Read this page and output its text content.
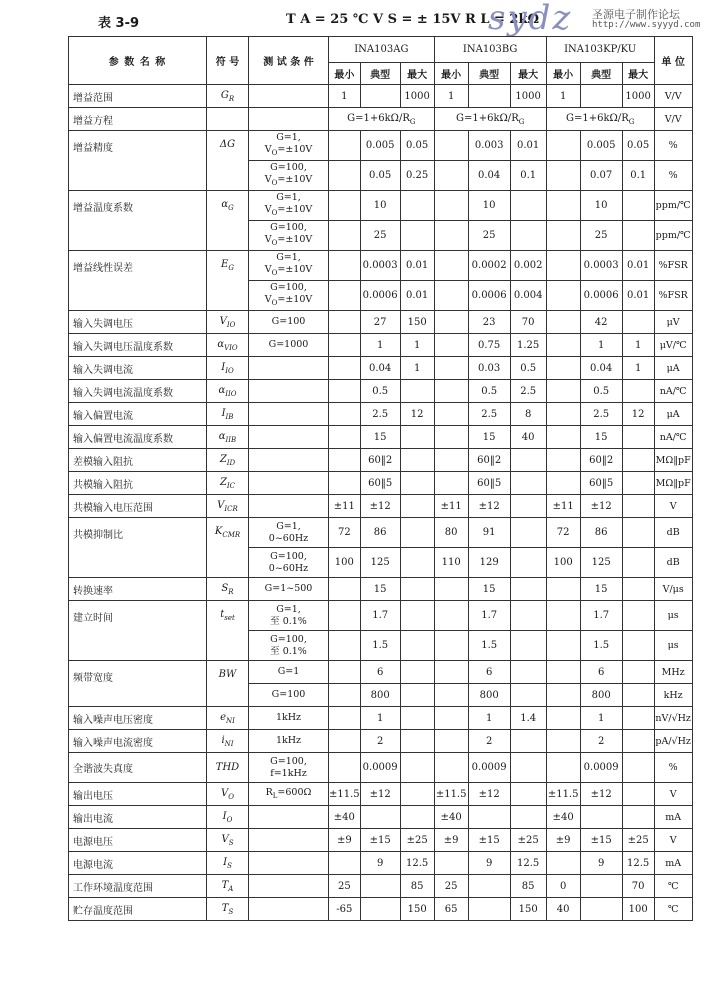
表 3-9	T A = 25 ℃ V S = ± 15V R L = 2kΩ
sydz 圣源电子制作论坛
http://www.syyyd.com
参 数 名 称	符 号	测 试 条 件	INA103AG			INA103BG			INA103KP/KU			单 位
			最小	典型	最大	最小	典型	最大	最小	典型	最大	
增益范围	$G_R$		1		1000	1		1000	1		1000	V/V
增益方程			$G=1+6k\Omega/R_G$			$G=1+6k\Omega/R_G$			$G=1+6k\Omega/R_G$			V/V
增益精度	ΔG	G=1,
$V_O=\pm 10V$		0.005	0.05		0.003	0.01		0.005	0.05	%
		G=100,
$V_O=\pm 10V$		0.05	0.25		0.04	0.1		0.07	0.1	%
增益温度系数	$\alpha_G$	G=1,
$V_O=\pm 10V$		10			10			10		ppm/℃
		G=100,
$V_O=\pm 10V$		25			25			25		ppm/℃
增益线性误差	$E_G$	G=1,
$V_O=\pm 10V$		0.0003	0.01		0.0002	0.002		0.0003	0.01	%FSR
		G=100,
$V_O=\pm 10V$		0.0006	0.01		0.0006	0.004		0.0006	0.01	%FSR
输入失调电压	$V_{IO}$	G=100		27	150		23	70		42		μV
输入失调电压温度系数	$\alpha_{VIO}$	G=1000		1	1		0.75	1.25		1	1	μV/℃
输入失调电流	$I_{IO}$			0.04	1		0.03	0.5		0.04	1	μA
输入失调电流温度系数	$\alpha_{IIO}$			0.5			0.5	2.5		0.5		nA/℃
输入偏置电流	$I_{IB}$			2.5	12		2.5	8		2.5	12	μA
输入偏置电流温度系数	$\alpha_{IIB}$			15			15	40		15		nA/℃
差模输入阻抗	$Z_{ID}$			60‖2			60‖2			60‖2		MΩ‖pF
共模输入阻抗	$Z_{IC}$			60‖5			60‖5			60‖5		MΩ‖pF
共模输入电压范围	$V_{ICR}$		±11	±12		±11	±12		±11	±12		V
共模抑制比	$K_{CMR}$	G=1,
0~60Hz	72	86		80	91		72	86		dB
		G=100,
0~60Hz	100	125		110	129		100	125		dB
转换速率	$S_R$	G=1~500		15			15			15		V/μs
建立时间	$t_{set}$	G=1,
至 0.1%		1.7			1.7			1.7		μs
		G=100,
至 0.1%		1.5			1.5			1.5		μs
频带宽度	BW	G=1		6			6			6		MHz
		G=100		800			800			800		kHz
输入噪声电压密度	$e_{NI}$	1kHz		1			1	1.4		1		nV/√Hz
输入噪声电流密度	$i_{NI}$	1kHz		2			2			2		pA/√Hz
全谐波失真度	THD	G=100,
f=1kHz		0.0009			0.0009			0.0009		%
输出电压	$V_O$	$R_L=600\Omega$	±11.5	±12		±11.5	±12		±11.5	±12		V
输出电流	$I_O$		±40			±40			±40			mA
电源电压	$V_S$		±9	±15	±25	±9	±15	±25	±9	±15	±25	V
电源电流	$I_S$			9	12.5		9	12.5		9	12.5	mA
工作环境温度范围	$T_A$		25		85	25		85	0		70	℃
贮存温度范围	$T_S$		-65		150	65		150	40		100	℃
